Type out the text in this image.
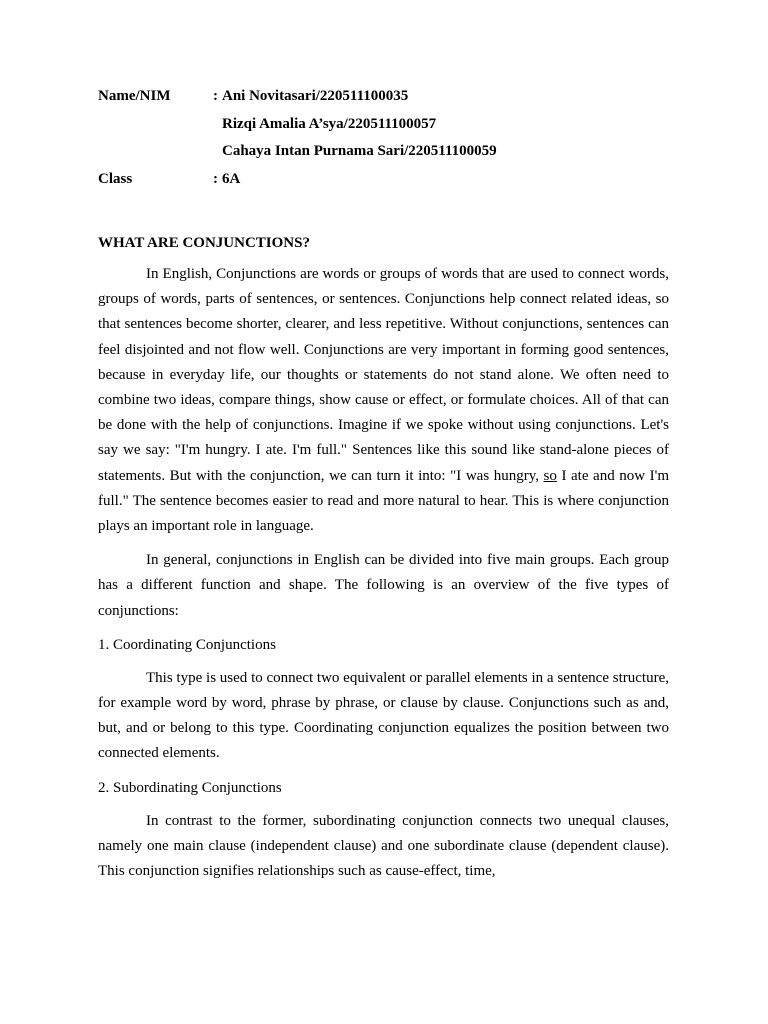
Name/NIM	: Ani Novitasari/220511100035
Rizqi Amalia A’sya/220511100057
Cahaya Intan Purnama Sari/220511100059
Class	: 6A
WHAT ARE CONJUNCTIONS?

In English, Conjunctions are words or groups of words that are used to connect words, groups of words, parts of sentences, or sentences. Conjunctions help connect related ideas, so that sentences become shorter, clearer, and less repetitive. Without conjunctions, sentences can feel disjointed and not flow well. Conjunctions are very important in forming good sentences, because in everyday life, our thoughts or statements do not stand alone. We often need to combine two ideas, compare things, show cause or effect, or formulate choices. All of that can be done with the help of conjunctions. Imagine if we spoke without using conjunctions. Let's say we say: "I'm hungry. I ate. I'm full." Sentences like this sound like stand-alone pieces of statements. But with the conjunction, we can turn it into: "I was hungry, so I ate and now I'm full." The sentence becomes easier to read and more natural to hear. This is where conjunction plays an important role in language.

In general, conjunctions in English can be divided into five main groups. Each group has a different function and shape. The following is an overview of the five types of conjunctions:

1. Coordinating Conjunctions

This type is used to connect two equivalent or parallel elements in a sentence structure, for example word by word, phrase by phrase, or clause by clause. Conjunctions such as and, but, and or belong to this type. Coordinating conjunction equalizes the position between two connected elements.

2. Subordinating Conjunctions

In contrast to the former, subordinating conjunction connects two unequal clauses, namely one main clause (independent clause) and one subordinate clause (dependent clause). This conjunction signifies relationships such as cause-effect, time,
